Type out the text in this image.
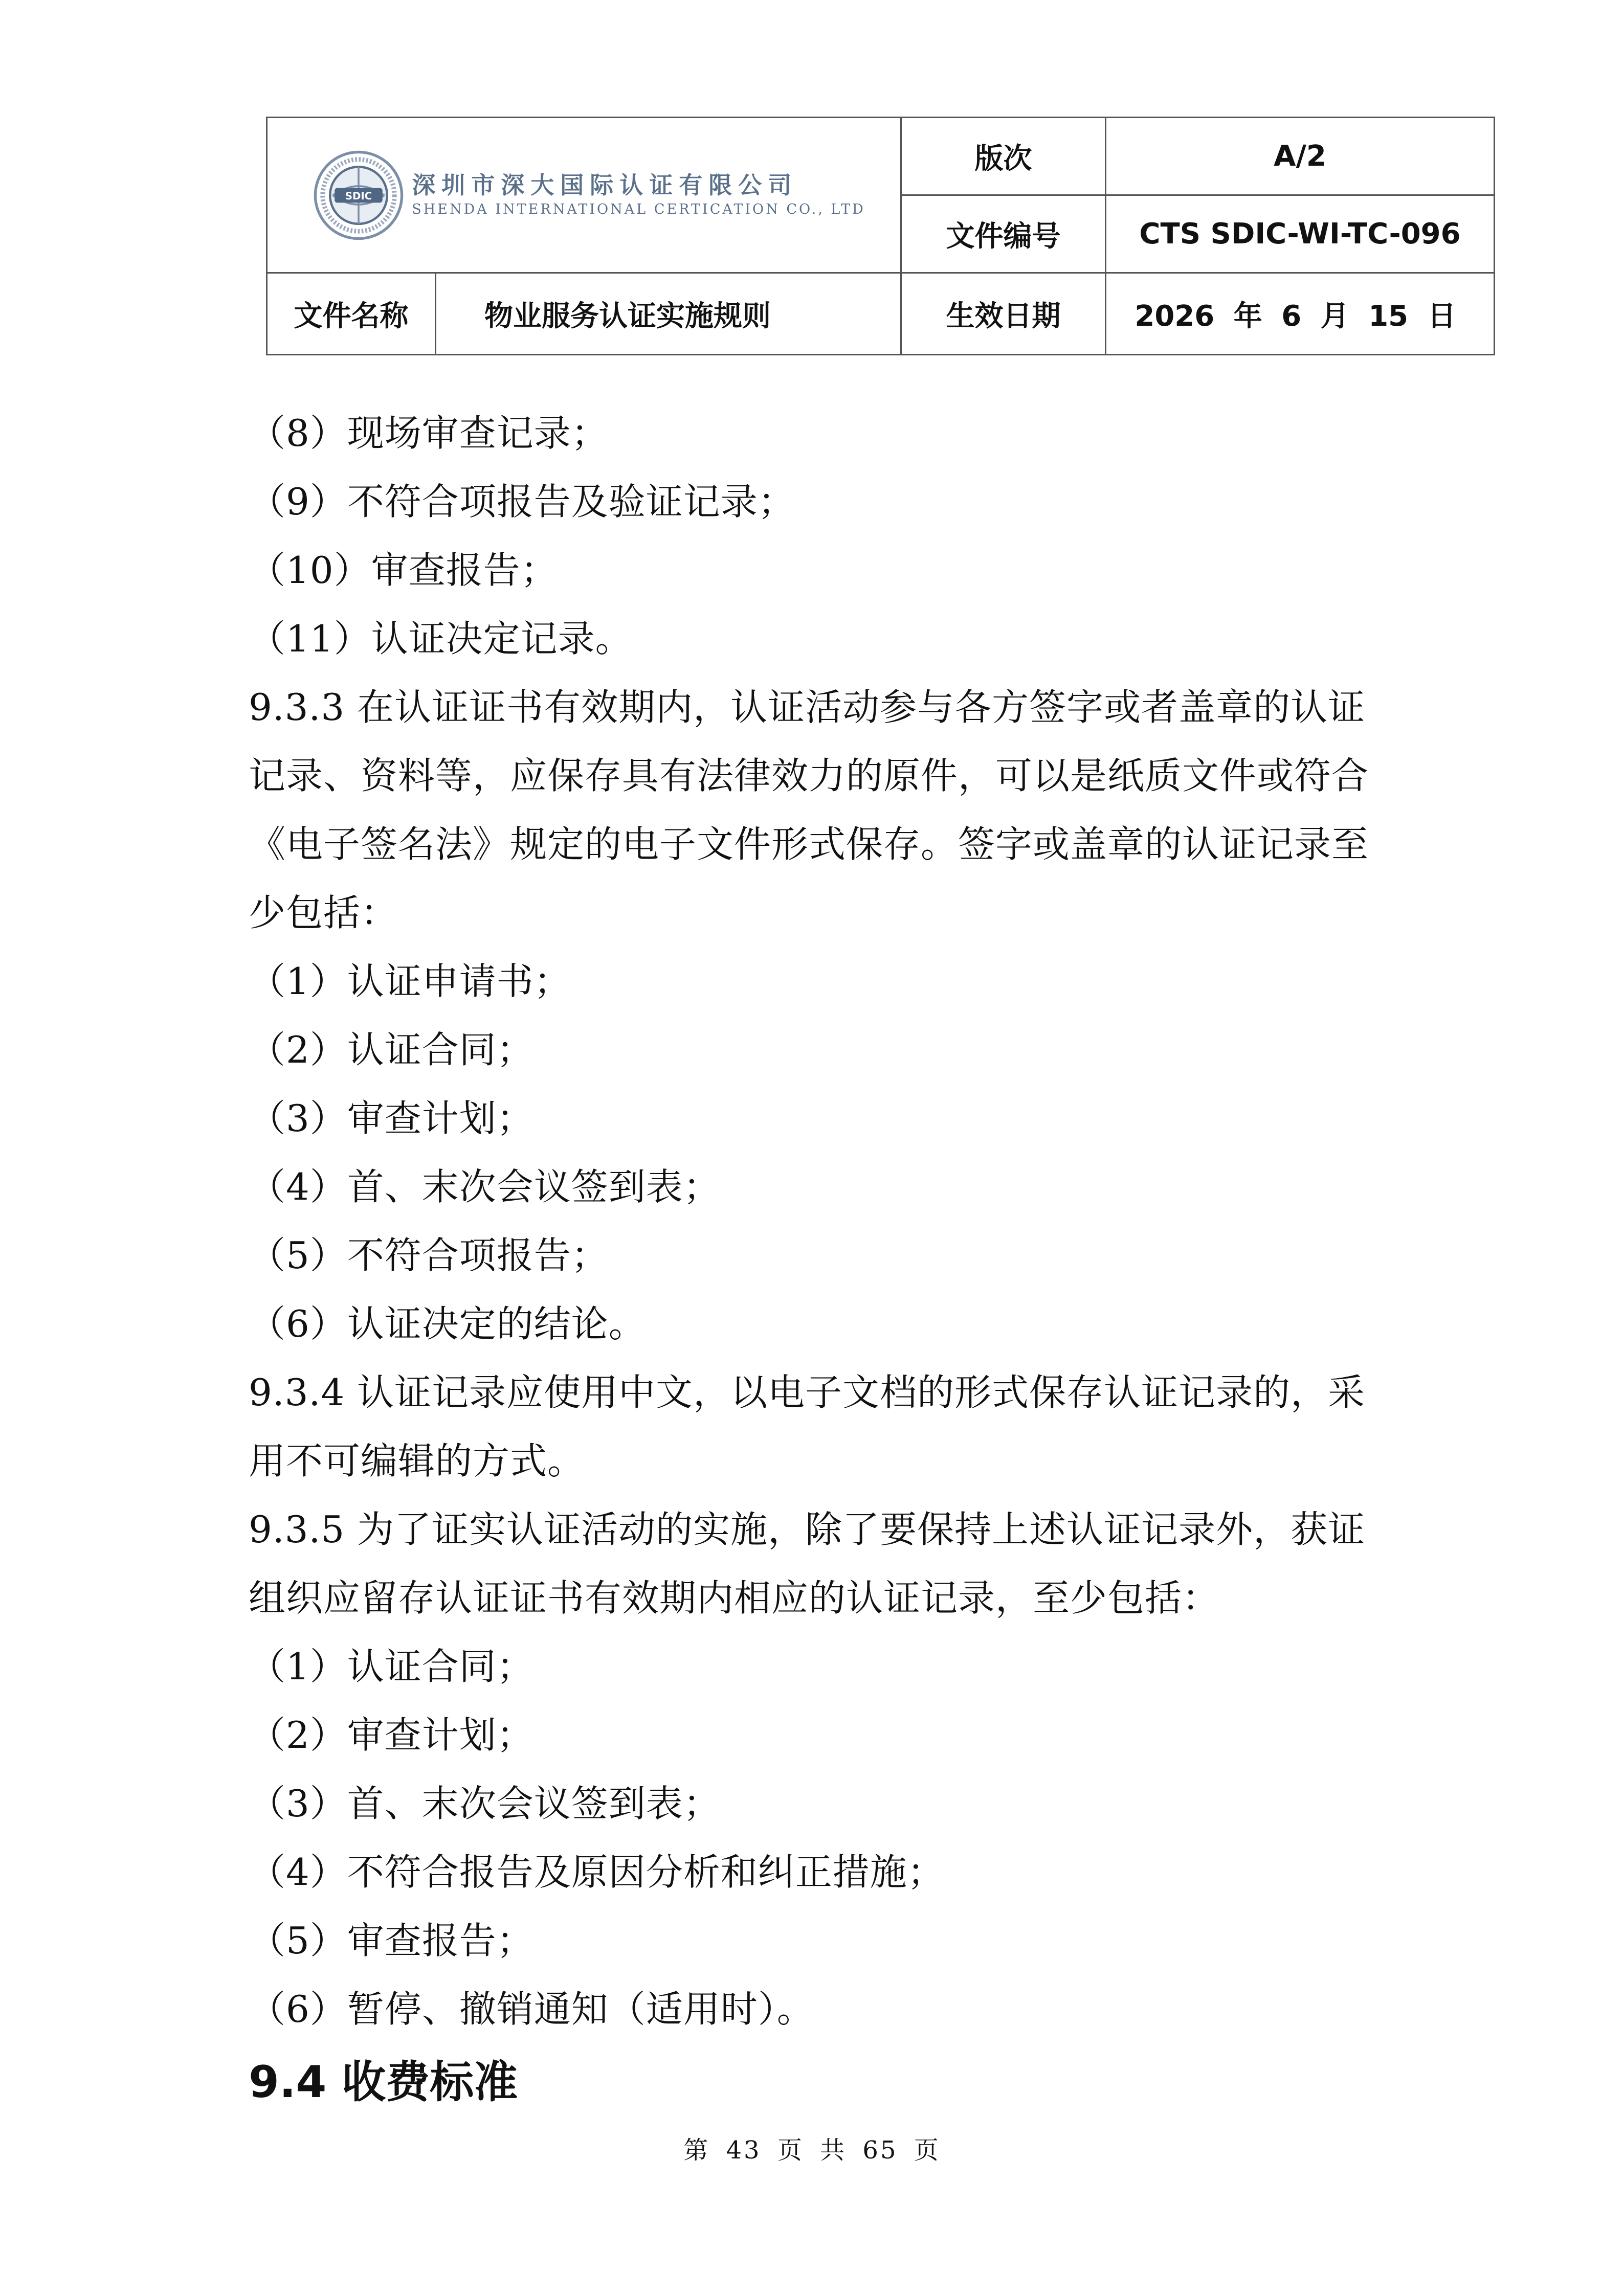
SDIC 深圳市深大国际认证有限公司
SHENDA INTERNATIONAL CERTICATION CO., LTD		版次	A/2
		文件编号	CTS SDIC-WI-TC-096
文件名称	物业服务认证实施规则	生效日期	2026 年 6 月 15 日
（8）现场审查记录；
（9）不符合项报告及验证记录；
（10）审查报告；
（11）认证决定记录。
9.3.3 在认证证书有效期内，认证活动参与各方签字或者盖章的认证
记录、资料等，应保存具有法律效力的原件，可以是纸质文件或符合
《电子签名法》规定的电子文件形式保存。签字或盖章的认证记录至
少包括：
（1）认证申请书；
（2）认证合同；
（3）审查计划；
（4）首、末次会议签到表；
（5）不符合项报告；
（6）认证决定的结论。
9.3.4 认证记录应使用中文，以电子文档的形式保存认证记录的，采
用不可编辑的方式。
9.3.5 为了证实认证活动的实施，除了要保持上述认证记录外，获证
组织应留存认证证书有效期内相应的认证记录，至少包括：
（1）认证合同；
（2）审查计划；
（3）首、末次会议签到表；
（4）不符合报告及原因分析和纠正措施；
（5）审查报告；
（6）暂停、撤销通知（适用时）。
9.4 收费标准
第 43 页 共 65 页
